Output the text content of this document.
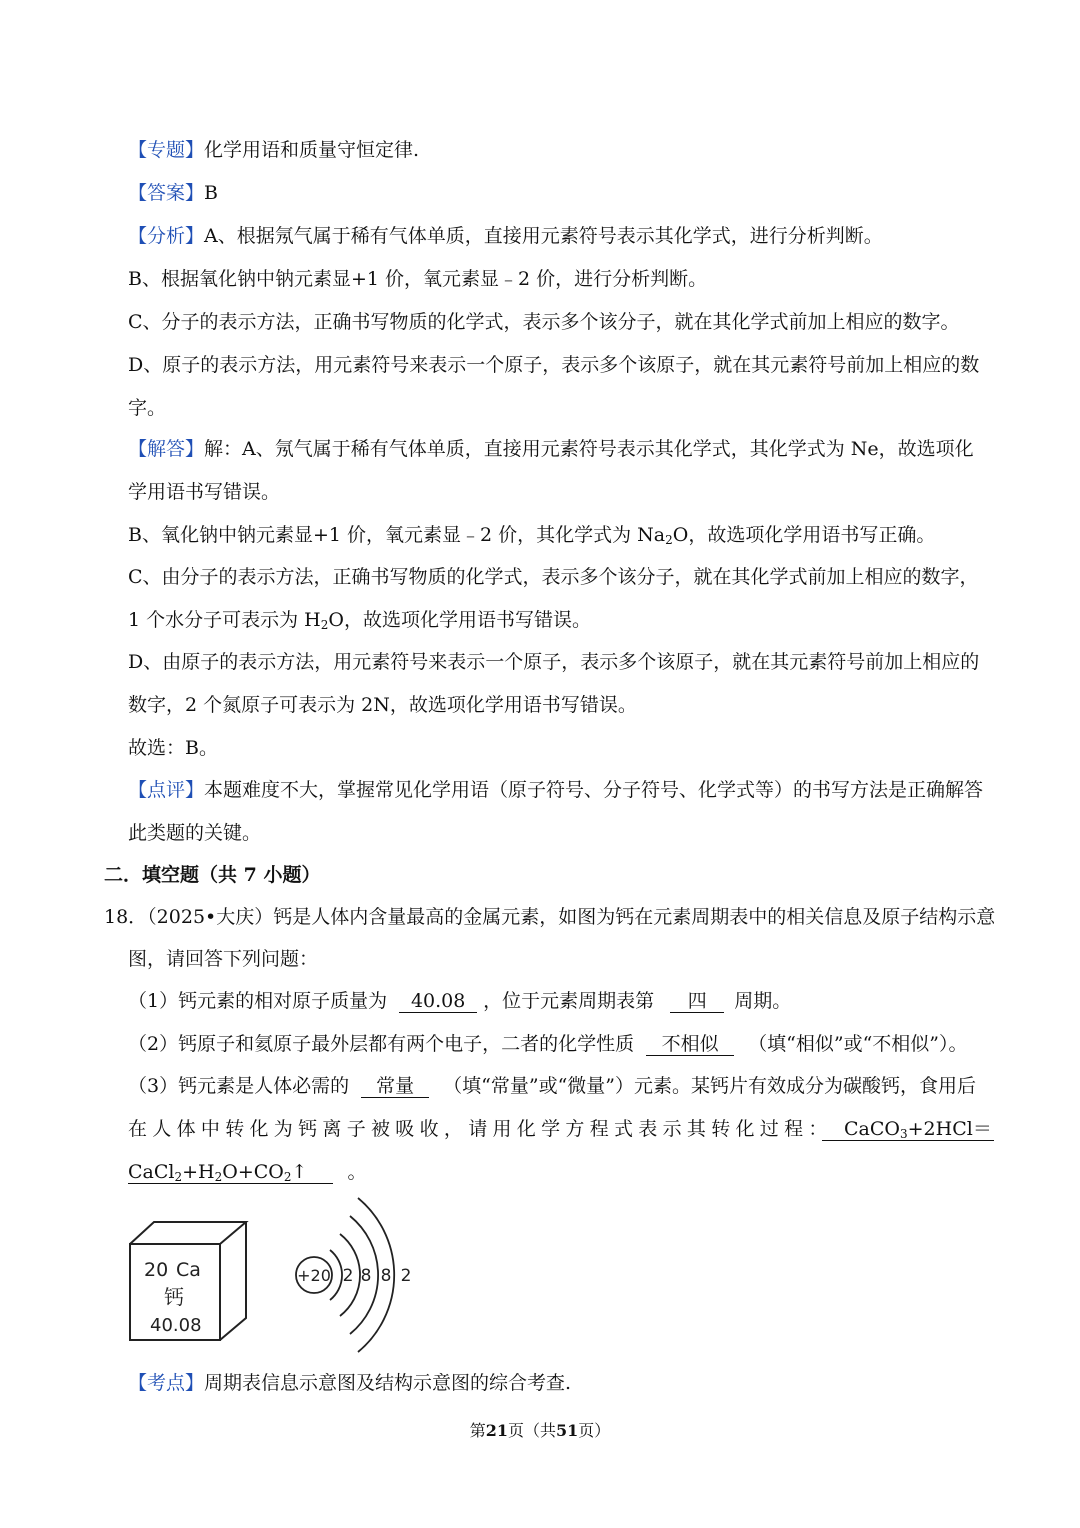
【专题】化学用语和质量守恒定律.
【答案】B
【分析】A、根据氖气属于稀有气体单质，直接用元素符号表示其化学式，进行分析判断。
B、根据氧化钠中钠元素显+1 价，氧元素显﹣2 价，进行分析判断。
C、分子的表示方法，正确书写物质的化学式，表示多个该分子，就在其化学式前加上相应的数字。
D、原子的表示方法，用元素符号来表示一个原子，表示多个该原子，就在其元素符号前加上相应的数
字。
【解答】解：A、氖气属于稀有气体单质，直接用元素符号表示其化学式，其化学式为 Ne，故选项化
学用语书写错误。
B、氧化钠中钠元素显+1 价，氧元素显﹣2 价，其化学式为 $Na_2O$，故选项化学用语书写正确。
C、由分子的表示方法，正确书写物质的化学式，表示多个该分子，就在其化学式前加上相应的数字，
1 个水分子可表示为 $H_2O$，故选项化学用语书写错误。
D、由原子的表示方法，用元素符号来表示一个原子，表示多个该原子，就在其元素符号前加上相应的
数字，2 个氮原子可表示为 2N，故选项化学用语书写错误。
故选：B。
【点评】本题难度不大，掌握常见化学用语（原子符号、分子符号、化学式等）的书写方法是正确解答
此类题的关键。
二．填空题（共 7 小题）
18．（2025•大庆）钙是人体内含量最高的金属元素，如图为钙在元素周期表中的相关信息及原子结构示意
图，请回答下列问题：
（1）钙元素的相对原子质量为 40.08 ，位于元素周期表第 四 周期。
（2）钙原子和氦原子最外层都有两个电子，二者的化学性质 不相似 （填“相似”或“不相似”）。
（3）钙元素是人体必需的 常量 （填“常量”或“微量”）元素。某钙片有效成分为碳酸钙，食用后
在人体中转化为钙离子被吸收，请用化学方程式表示其转化过程： CaCO$_3$+2HCl＝
$CaCl_2+H_2O+CO_2↑$ 。
20 Ca
钙
40.08
+20 2 8 8 2
【考点】周期表信息示意图及结构示意图的综合考查.
第21页（共51页）
